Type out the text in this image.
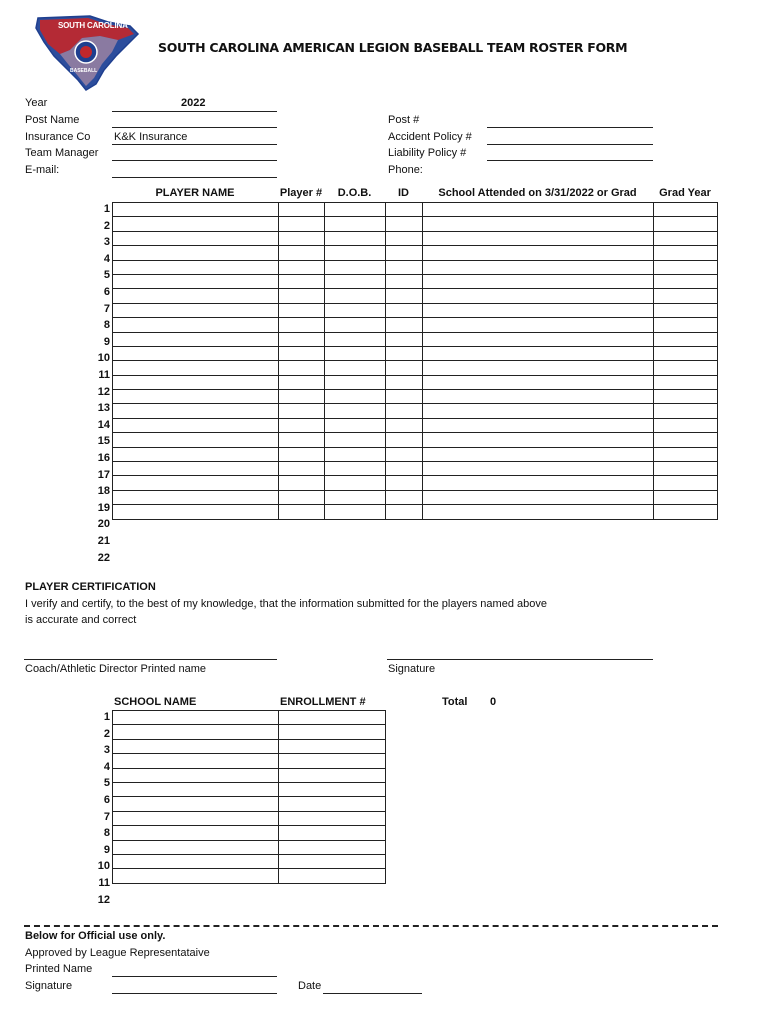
SOUTH CAROLINA
BASEBALL
SOUTH CAROLINA AMERICAN LEGION BASEBALL TEAM ROSTER FORM
Year	2022
Post Name
Insurance Co K&K Insurance
Team Manager
E-mail:
Post #
Accident Policy #
Liability Policy #
Phone:
PLAYER NAME	Player #	D.O.B.	ID	School Attended on 3/31/2022 or Grad	Grad Year

1
2
3
4
5
6
7
8
9
10
11
12
13
14
15
16
17
18
19
20
21
22
PLAYER CERTIFICATION
I verify and certify, to the best of my knowledge, that the information submitted for the players named above
is accurate and correct
Coach/Athletic Director Printed name	Signature
SCHOOL NAME	ENROLLMENT #	Total 0

1
2
3
4
5
6
7
8
9
10
11
12
Below for Official use only.
Approved by League Representataive
Printed Name
Signature	Date
